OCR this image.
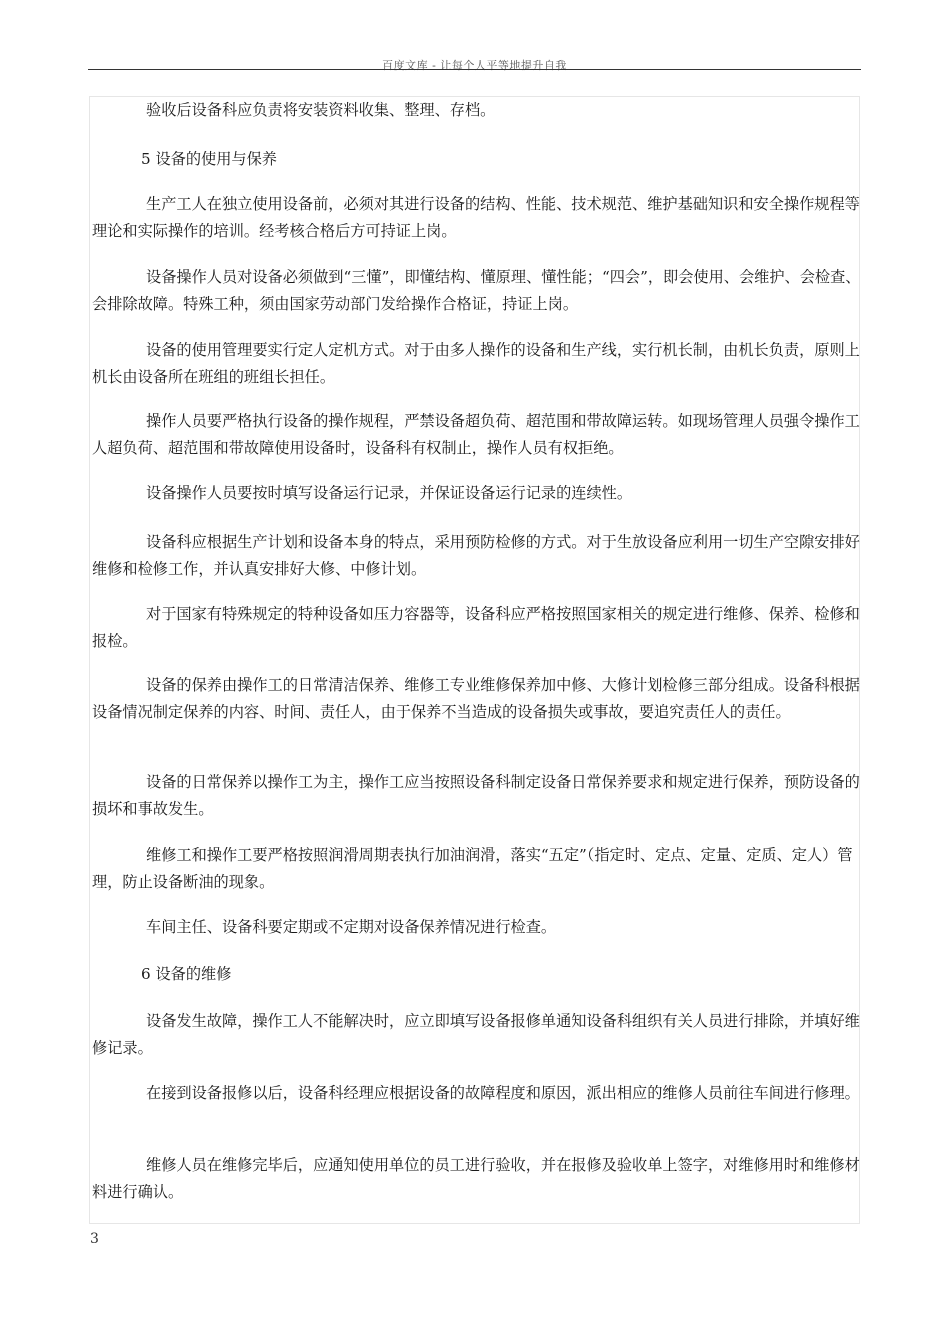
百度文库 - 让每个人平等地提升自我

验收后设备科应负责将安装资料收集、整理、存档。

5 设备的使用与保养

生产工人在独立使用设备前，必须对其进行设备的结构、性能、技术规范、维护基础知识和安全操作规程等理论和实际操作的培训。经考核合格后方可持证上岗。

设备操作人员对设备必须做到“三懂”，即懂结构、懂原理、懂性能；“四会”，即会使用、会维护、会检查、会排除故障。特殊工种，须由国家劳动部门发给操作合格证，持证上岗。

设备的使用管理要实行定人定机方式。对于由多人操作的设备和生产线，实行机长制，由机长负责，原则上机长由设备所在班组的班组长担任。

操作人员要严格执行设备的操作规程，严禁设备超负荷、超范围和带故障运转。如现场管理人员强令操作工人超负荷、超范围和带故障使用设备时，设备科有权制止，操作人员有权拒绝。

设备操作人员要按时填写设备运行记录，并保证设备运行记录的连续性。

设备科应根据生产计划和设备本身的特点，采用预防检修的方式。对于生放设备应利用一切生产空隙安排好维修和检修工作，并认真安排好大修、中修计划。

对于国家有特殊规定的特种设备如压力容器等，设备科应严格按照国家相关的规定进行维修、保养、检修和报检。

设备的保养由操作工的日常清洁保养、维修工专业维修保养加中修、大修计划检修三部分组成。设备科根据设备情况制定保养的内容、时间、责任人，由于保养不当造成的设备损失或事故，要追究责任人的责任。

设备的日常保养以操作工为主，操作工应当按照设备科制定设备日常保养要求和规定进行保养，预防设备的损坏和事故发生。

维修工和操作工要严格按照润滑周期表执行加油润滑，落实“五定”（指定时、定点、定量、定质、定人）管理，防止设备断油的现象。

车间主任、设备科要定期或不定期对设备保养情况进行检查。

6 设备的维修

设备发生故障，操作工人不能解决时，应立即填写设备报修单通知设备科组织有关人员进行排除，并填好维修记录。

在接到设备报修以后，设备科经理应根据设备的故障程度和原因，派出相应的维修人员前往车间进行修理。

维修人员在维修完毕后，应通知使用单位的员工进行验收，并在报修及验收单上签字，对维修用时和维修材料进行确认。

3
